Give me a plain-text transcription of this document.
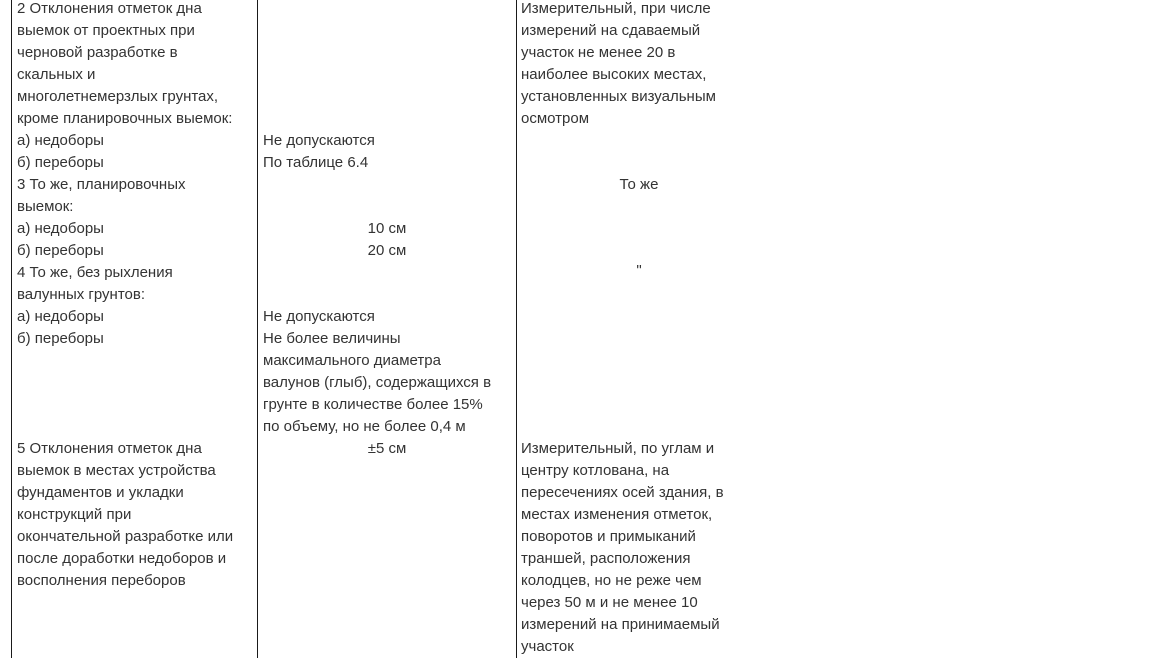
2 Отклонения отметок дна
выемок от проектных при
черновой разработке в
скальных и
многолетнемерзлых грунтах,
кроме планировочных выемок:
а) недоборы
б) переборы
Не допускаются
По таблице 6.4
Измерительный, при числе
измерений на сдаваемый
участок не менее 20 в
наиболее высоких местах,
установленных визуальным
осмотром
3 То же, планировочных
выемок:
а) недоборы
б) переборы
10 см
20 см
То же
4 То же, без рыхления
валунных грунтов:
а) недоборы
б) переборы
Не допускаются
Не более величины
максимального диаметра
валунов (глыб), содержащихся в
грунте в количестве более 15%
по объему, но не более 0,4 м
"
5 Отклонения отметок дна
выемок в местах устройства
фундаментов и укладки
конструкций при
окончательной разработке или
после доработки недоборов и
восполнения переборов
±5 см	Измерительный, по углам и
центру котлована, на
пересечениях осей здания, в
местах изменения отметок,
поворотов и примыканий
траншей, расположения
колодцев, но не реже чем
через 50 м и не менее 10
измерений на принимаемый
участок
